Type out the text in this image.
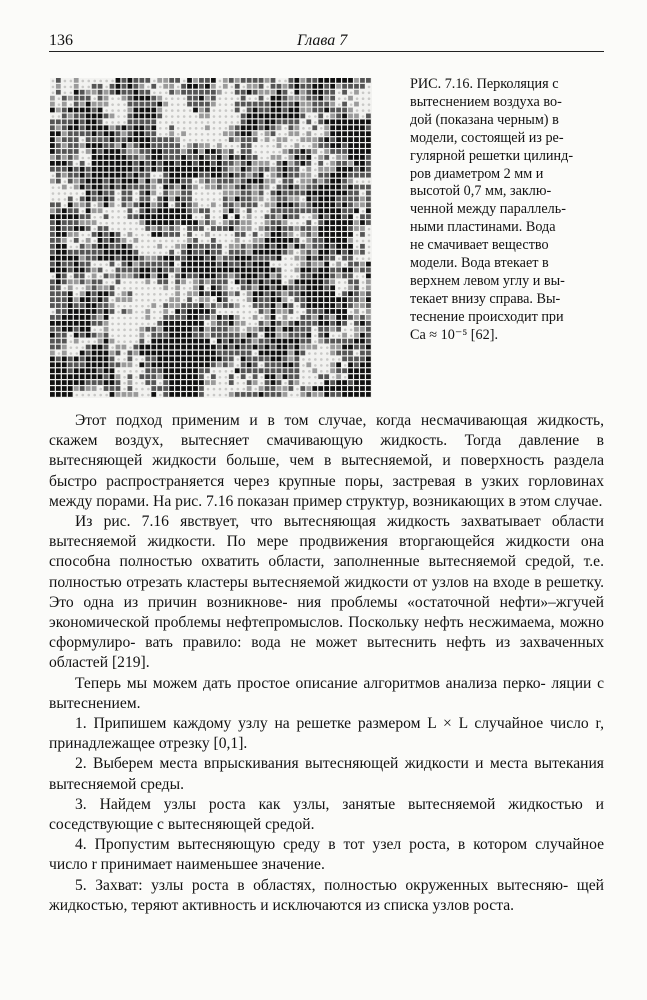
136	Глава 7
РИС. 7.16. Перколяция с
вытеснением воздуха во-
дой (показана черным) в
модели, состоящей из ре-
гулярной решетки цилинд-
ров диаметром 2 мм и
высотой 0,7 мм, заклю-
ченной между параллель-
ными пластинами. Вода
не смачивает вещество
модели. Вода втекает в
верхнем левом углу и вы-
текает внизу справа. Вы-
теснение происходит при
Ca ≈ 10⁻⁵ [62].

Этот подход применим и в том случае, когда несмачивающая жидкость, скажем воздух, вытесняет смачивающую жидкость. Тогда давление в вытесняющей жидкости больше, чем в вытесняемой, и поверхность раздела быстро распространяется через крупные поры, застревая в узких горловинах между порами. На рис. 7.16 показан пример структур, возникающих в этом случае.

Из рис. 7.16 явствует, что вытесняющая жидкость захватывает области вытесняемой жидкости. По мере продвижения вторгающейся жидкости она способна полностью охватить области, заполненные вытесняемой средой, т.е. полностью отрезать кластеры вытесняемой жидкости от узлов на входе в решетку. Это одна из причин возникнове- ния проблемы «остаточной нефти»–жгучей экономической проблемы нефтепромыслов. Поскольку нефть несжимаема, можно сформулиро- вать правило: вода не может вытеснить нефть из захваченных областей [219].

Теперь мы можем дать простое описание алгоритмов анализа перко- ляции с вытеснением.

1. Припишем каждому узлу на решетке размером L × L случайное число r, принадлежащее отрезку [0,1].

2. Выберем места впрыскивания вытесняющей жидкости и места вытекания вытесняемой среды.

3. Найдем узлы роста как узлы, занятые вытесняемой жидкостью и соседствующие с вытесняющей средой.

4. Пропустим вытесняющую среду в тот узел роста, в котором случайное число r принимает наименьшее значение.

5. Захват: узлы роста в областях, полностью окруженных вытесняю- щей жидкостью, теряют активность и исключаются из списка узлов роста.
